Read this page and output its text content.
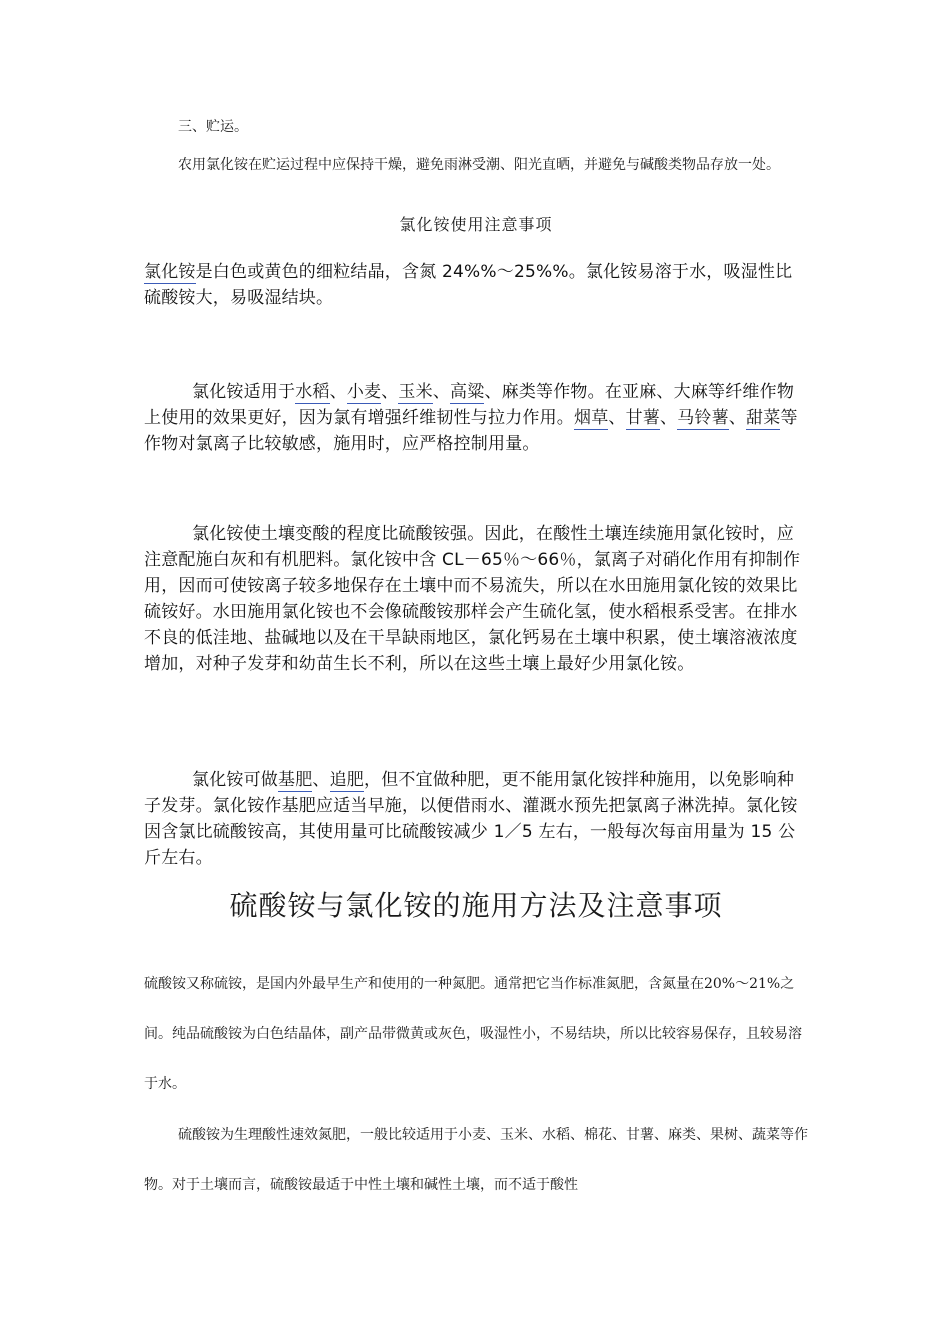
三、贮运。

农用氯化铵在贮运过程中应保持干燥，避免雨淋受潮、阳光直晒，并避免与碱酸类物品存放一处。

氯化铵使用注意事项

氯化铵是白色或黄色的细粒结晶，含氮 24%%～25%%。氯化铵易溶于水，吸湿性比硫酸铵大，易吸湿结块。

氯化铵适用于水稻、小麦、玉米、高粱、麻类等作物。在亚麻、大麻等纤维作物上使用的效果更好，因为氯有增强纤维韧性与拉力作用。烟草、甘薯、马铃薯、甜菜等作物对氯离子比较敏感，施用时，应严格控制用量。

氯化铵使土壤变酸的程度比硫酸铵强。因此，在酸性土壤连续施用氯化铵时，应注意配施白灰和有机肥料。氯化铵中含 CL－65％～66％，氯离子对硝化作用有抑制作用，因而可使铵离子较多地保存在土壤中而不易流失，所以在水田施用氯化铵的效果比硫铵好。水田施用氯化铵也不会像硫酸铵那样会产生硫化氢，使水稻根系受害。在排水不良的低洼地、盐碱地以及在干旱缺雨地区，氯化钙易在土壤中积累，使土壤溶液浓度增加，对种子发芽和幼苗生长不利，所以在这些土壤上最好少用氯化铵。

氯化铵可做基肥、追肥，但不宜做种肥，更不能用氯化铵拌种施用，以免影响种子发芽。氯化铵作基肥应适当早施，以便借雨水、灌溉水预先把氯离子淋洗掉。氯化铵因含氯比硫酸铵高，其使用量可比硫酸铵减少 1／5 左右，一般每次每亩用量为 15 公斤左右。

硫酸铵与氯化铵的施用方法及注意事项

硫酸铵又称硫铵，是国内外最早生产和使用的一种氮肥。通常把它当作标准氮肥，含氮量在20%～21%之间。纯品硫酸铵为白色结晶体，副产品带微黄或灰色，吸湿性小，不易结块，所以比较容易保存，且较易溶于水。

硫酸铵为生理酸性速效氮肥，一般比较适用于小麦、玉米、水稻、棉花、甘薯、麻类、果树、蔬菜等作物。对于土壤而言，硫酸铵最适于中性土壤和碱性土壤，而不适于酸性
